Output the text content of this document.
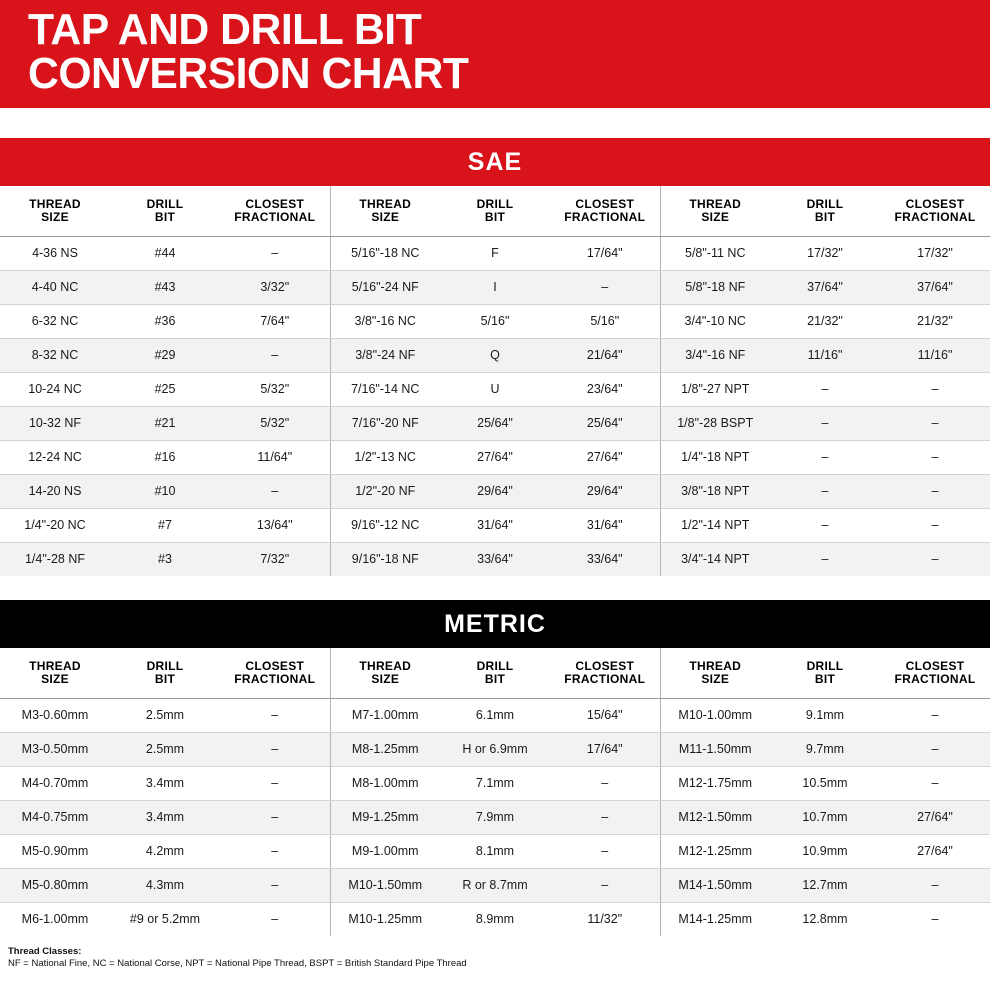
TAP AND DRILL BIT
CONVERSION CHART
SAE
THREAD
SIZE	DRILL
BIT	CLOSEST
FRACTIONAL	THREAD
SIZE	DRILL
BIT	CLOSEST
FRACTIONAL	THREAD
SIZE	DRILL
BIT	CLOSEST
FRACTIONAL

4-36 NS	#44	–	5/16"-18 NC	F	17/64"	5/8"-11 NC	17/32"	17/32"
4-40 NC	#43	3/32"	5/16"-24 NF	I	–	5/8"-18 NF	37/64"	37/64"
6-32 NC	#36	7/64"	3/8"-16 NC	5/16"	5/16"	3/4"-10 NC	21/32"	21/32"
8-32 NC	#29	–	3/8"-24 NF	Q	21/64"	3/4"-16 NF	11/16"	11/16"
10-24 NC	#25	5/32"	7/16"-14 NC	U	23/64"	1/8"-27 NPT	–	–
10-32 NF	#21	5/32"	7/16"-20 NF	25/64"	25/64"	1/8"-28 BSPT	–	–
12-24 NC	#16	11/64"	1/2"-13 NC	27/64"	27/64"	1/4"-18 NPT	–	–
14-20 NS	#10	–	1/2"-20 NF	29/64"	29/64"	3/8"-18 NPT	–	–
1/4"-20 NC	#7	13/64"	9/16"-12 NC	31/64"	31/64"	1/2"-14 NPT	–	–
1/4"-28 NF	#3	7/32"	9/16"-18 NF	33/64"	33/64"	3/4"-14 NPT	–	–
METRIC
THREAD
SIZE	DRILL
BIT	CLOSEST
FRACTIONAL	THREAD
SIZE	DRILL
BIT	CLOSEST
FRACTIONAL	THREAD
SIZE	DRILL
BIT	CLOSEST
FRACTIONAL

M3-0.60mm	2.5mm	–	M7-1.00mm	6.1mm	15/64"	M10-1.00mm	9.1mm	–
M3-0.50mm	2.5mm	–	M8-1.25mm	H or 6.9mm	17/64"	M11-1.50mm	9.7mm	–
M4-0.70mm	3.4mm	–	M8-1.00mm	7.1mm	–	M12-1.75mm	10.5mm	–
M4-0.75mm	3.4mm	–	M9-1.25mm	7.9mm	–	M12-1.50mm	10.7mm	27/64"
M5-0.90mm	4.2mm	–	M9-1.00mm	8.1mm	–	M12-1.25mm	10.9mm	27/64"
M5-0.80mm	4.3mm	–	M10-1.50mm	R or 8.7mm	–	M14-1.50mm	12.7mm	–
M6-1.00mm	#9 or 5.2mm	–	M10-1.25mm	8.9mm	11/32"	M14-1.25mm	12.8mm	–
Thread Classes:
NF = National Fine, NC = National Corse, NPT = National Pipe Thread, BSPT = British Standard Pipe Thread
